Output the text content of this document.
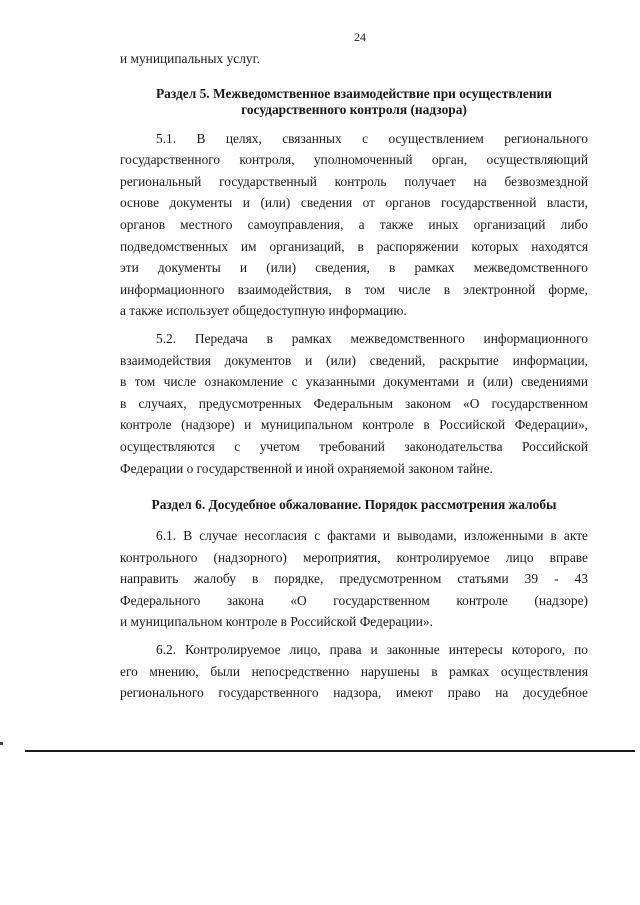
24

и муниципальных услуг.

Раздел 5. Межведомственное взаимодействие при осуществлении
государственного контроля (надзора)

5.1. В целях, связанных с осуществлением регионального

государственного контроля, уполномоченный орган, осуществляющий

региональный государственный контроль получает на безвозмездной

основе документы и (или) сведения от органов государственной власти,

органов местного самоуправления, а также иных организаций либо

подведомственных им организаций, в распоряжении которых находятся

эти документы и (или) сведения, в рамках межведомственного

информационного взаимодействия, в том числе в электронной форме,

а также использует общедоступную информацию.

5.2. Передача в рамках межведомственного информационного

взаимодействия документов и (или) сведений, раскрытие информации,

в том числе ознакомление с указанными документами и (или) сведениями

в случаях, предусмотренных Федеральным законом «О государственном

контроле (надзоре) и муниципальном контроле в Российской Федерации»,

осуществляются с учетом требований законодательства Российской

Федерации о государственной и иной охраняемой законом тайне.

Раздел 6. Досудебное обжалование. Порядок рассмотрения жалобы

6.1. В случае несогласия с фактами и выводами, изложенными в акте

контрольного (надзорного) мероприятия, контролируемое лицо вправе

направить жалобу в порядке, предусмотренном статьями 39 - 43

Федерального закона «О государственном контроле (надзоре)

и муниципальном контроле в Российской Федерации».

6.2. Контролируемое лицо, права и законные интересы которого, по

его мнению, были непосредственно нарушены в рамках осуществления

регионального государственного надзора, имеют право на досудебное
